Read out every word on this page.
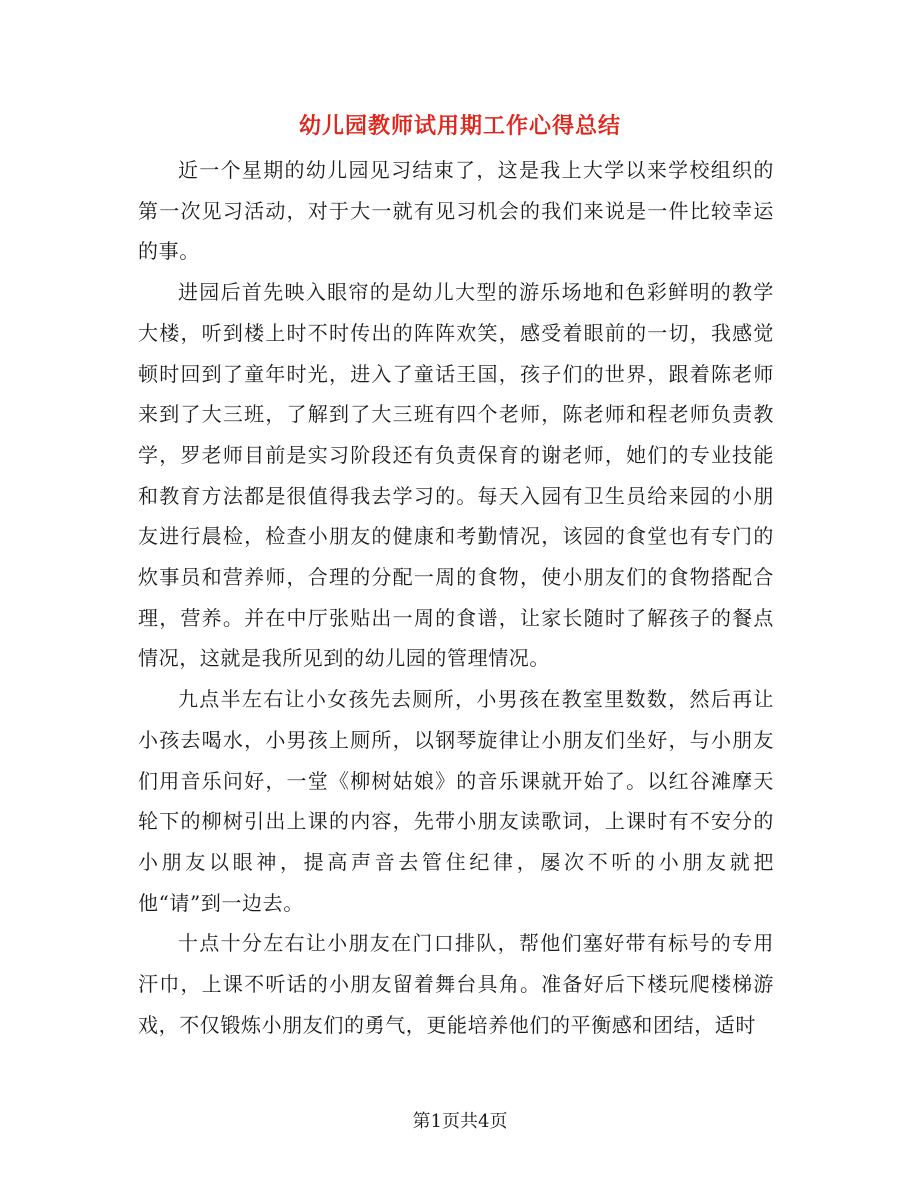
幼儿园教师试用期工作心得总结

近一个星期的幼儿园见习结束了，这是我上大学以来学校组织的第一次见习活动，对于大一就有见习机会的我们来说是一件比较幸运的事。

进园后首先映入眼帘的是幼儿大型的游乐场地和色彩鲜明的教学大楼，听到楼上时不时传出的阵阵欢笑，感受着眼前的一切，我感觉顿时回到了童年时光，进入了童话王国，孩子们的世界，跟着陈老师来到了大三班，了解到了大三班有四个老师，陈老师和程老师负责教学，罗老师目前是实习阶段还有负责保育的谢老师，她们的专业技能和教育方法都是很值得我去学习的。每天入园有卫生员给来园的小朋友进行晨检，检查小朋友的健康和考勤情况，该园的食堂也有专门的炊事员和营养师，合理的分配一周的食物，使小朋友们的食物搭配合理，营养。并在中厅张贴出一周的食谱，让家长随时了解孩子的餐点情况，这就是我所见到的幼儿园的管理情况。

九点半左右让小女孩先去厕所，小男孩在教室里数数，然后再让小孩去喝水，小男孩上厕所，以钢琴旋律让小朋友们坐好，与小朋友们用音乐问好，一堂《柳树姑娘》的音乐课就开始了。以红谷滩摩天轮下的柳树引出上课的内容，先带小朋友读歌词，上课时有不安分的小朋友以眼神，提高声音去管住纪律，屡次不听的小朋友就把他“请”到一边去。

十点十分左右让小朋友在门口排队，帮他们塞好带有标号的专用汗巾，上课不听话的小朋友留着舞台具角。准备好后下楼玩爬楼梯游戏，不仅锻炼小朋友们的勇气，更能培养他们的平衡感和团结，适时

第1页共4页
